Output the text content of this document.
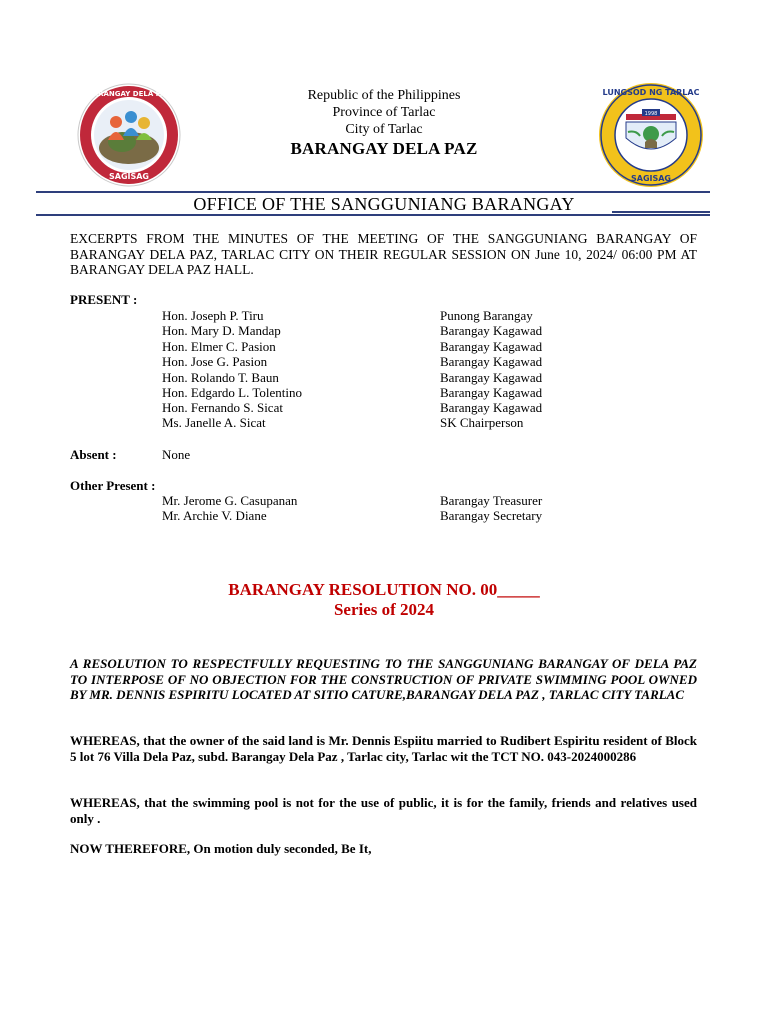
SAGISAG
BARANGAY DELA PAZ
1998
LUNGSOD NG TARLAC
SAGISAG
Republic of the Philippines
Province of Tarlac
City of Tarlac
BARANGAY DELA PAZ
OFFICE OF THE SANGGUNIANG BARANGAY
EXCERPTS FROM THE MINUTES OF THE MEETING OF THE SANGGUNIANG BARANGAY OF BARANGAY DELA PAZ, TARLAC CITY ON THEIR REGULAR SESSION ON June 10, 2024/ 06:00 PM AT BARANGAY DELA PAZ HALL.
PRESENT :
Hon. Joseph P. Tiru	Punong Barangay
Hon. Mary D. Mandap	Barangay Kagawad
Hon. Elmer C. Pasion	Barangay Kagawad
Hon. Jose G. Pasion	Barangay Kagawad
Hon. Rolando T. Baun	Barangay Kagawad
Hon. Edgardo L. Tolentino	Barangay Kagawad
Hon. Fernando S. Sicat	Barangay Kagawad
Ms. Janelle A. Sicat	SK Chairperson
Absent :	None
Other Present :
Mr. Jerome G. Casupanan	Barangay Treasurer
Mr. Archie V. Diane	Barangay Secretary
BARANGAY RESOLUTION NO. 00_____
Series of 2024
A RESOLUTION TO RESPECTFULLY REQUESTING TO THE SANGGUNIANG BARANGAY OF DELA PAZ TO INTERPOSE OF NO OBJECTION FOR THE CONSTRUCTION OF PRIVATE SWIMMING POOL OWNED BY MR. DENNIS ESPIRITU LOCATED AT SITIO CATURE,BARANGAY DELA PAZ , TARLAC CITY TARLAC
WHEREAS, that the owner of the said land is Mr. Dennis Espiitu married to Rudibert Espiritu resident of Block 5 lot 76 Villa Dela Paz, subd. Barangay Dela Paz , Tarlac city, Tarlac wit the TCT NO. 043-2024000286
WHEREAS, that the swimming pool is not for the use of public, it is for the family, friends and relatives used only .
NOW THEREFORE, On motion duly seconded, Be It,
